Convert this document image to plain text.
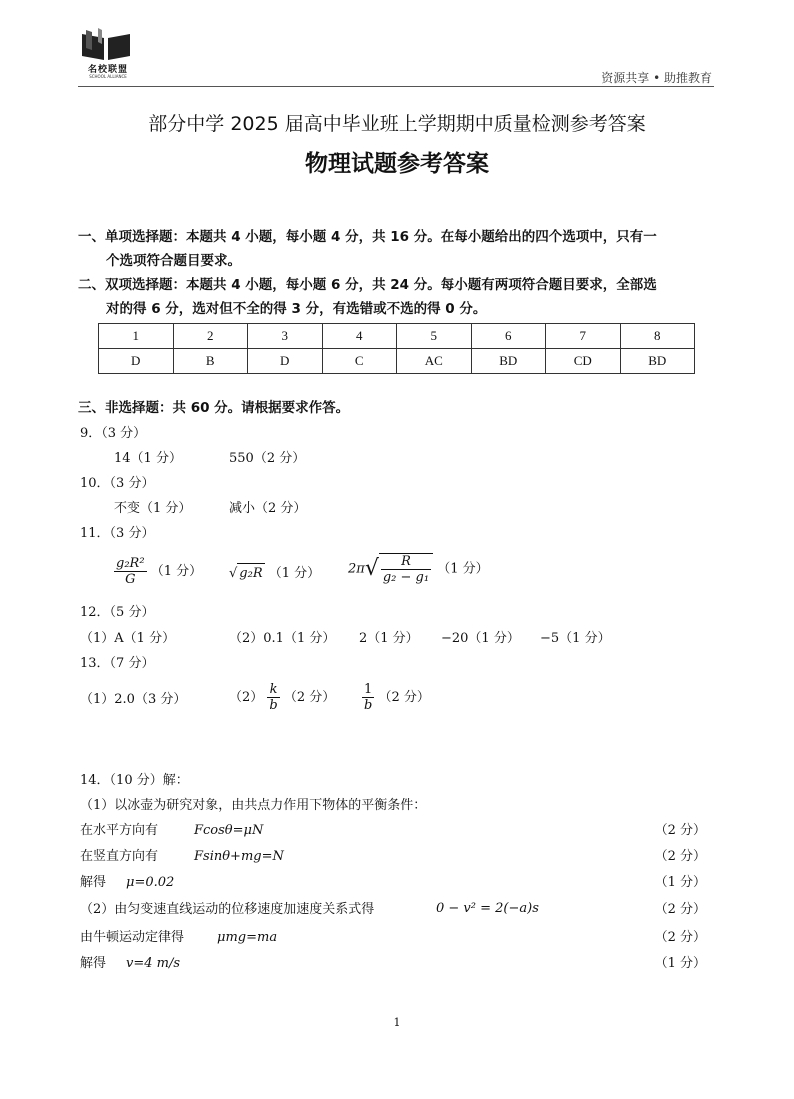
名校联盟
SCHOOL ALLIANCE	资源共享 • 助推教育
部分中学 2025 届高中毕业班上学期期中质量检测参考答案
物理试题参考答案
一、单项选择题：本题共 4 小题，每小题 4 分，共 16 分。在每小题给出的四个选项中，只有一
个选项符合题目要求。
二、双项选择题：本题共 4 小题，每小题 6 分，共 24 分。每小题有两项符合题目要求，全部选
对的得 6 分，选对但不全的得 3 分，有选错或不选的得 0 分。
1	2	3	4	5	6	7	8
D	B	D	C	AC	BD	CD	BD
三、非选择题：共 60 分。请根据要求作答。
9．（3 分）
14（1 分）	550（2 分）
10．（3 分）
不变（1 分）	减小（2 分）
11．（3 分）
$\frac{\text{g₂R²}}{G} (1$ 分） √ g₂R （1 分） $2\pi√ \frac{R}{\text{g₂ − g₁}} (1$ 分）
12．（5 分）
（1）A（1 分）	（2）0.1（1 分） 2（1 分） −20（1 分） −5（1 分）
13．（7 分）
（1）2.0（3 分）	$(2) \frac{k}{b} (2$ 分） $\frac{1}{b} (2$ 分）
14．（10 分）解：
（1）以冰壶为研究对象，由共点力作用下物体的平衡条件：
在水平方向有	Fcosθ=μN	（2 分）
在竖直方向有	Fsinθ+mg=N	（2 分）
解得 μ=0.02	（1 分）
（2）由匀变速直线运动的位移速度加速度关系式得	0 − v² = 2(−a)s	（2 分）
由牛顿运动定律得	μmg=ma	（2 分）
解得 v=4 m/s	（1 分）
1
